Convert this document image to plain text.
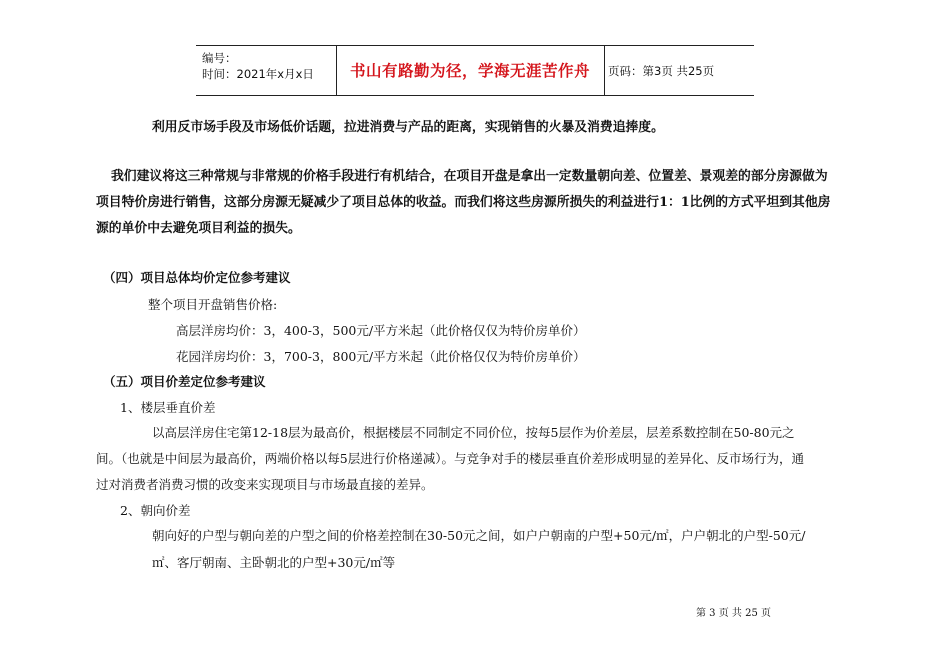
编号：
时间：2021年x月x日	书山有路勤为径，学海无涯苦作舟	页码：第3页 共25页
利用反市场手段及市场低价话题，拉进消费与产品的距离，实现销售的火暴及消费追捧度。
我们建议将这三种常规与非常规的价格手段进行有机结合，在项目开盘是拿出一定数量朝向差、位置差、景观差的部分房源做为
项目特价房进行销售，这部分房源无疑减少了项目总体的收益。而我们将这些房源所损失的利益进行1：1比例的方式平坦到其他房
源的单价中去避免项目利益的损失。
（四）项目总体均价定位参考建议
整个项目开盘销售价格:
高层洋房均价：3，400-3，500元/平方米起（此价格仅仅为特价房单价）
花园洋房均价：3，700-3，800元/平方米起（此价格仅仅为特价房单价）
（五）项目价差定位参考建议
1、楼层垂直价差
以高层洋房住宅第12-18层为最高价，根据楼层不同制定不同价位，按每5层作为价差层，层差系数控制在50-80元之
间。（也就是中间层为最高价，两端价格以每5层进行价格递减）。与竞争对手的楼层垂直价差形成明显的差异化、反市场行为，通
过对消费者消费习惯的改变来实现项目与市场最直接的差异。
2、朝向价差
朝向好的户型与朝向差的户型之间的价格差控制在30-50元之间，如户户朝南的户型+50元/㎡，户户朝北的户型-50元/
㎡、客厅朝南、主卧朝北的户型+30元/㎡等
第 3 页 共 25 页
